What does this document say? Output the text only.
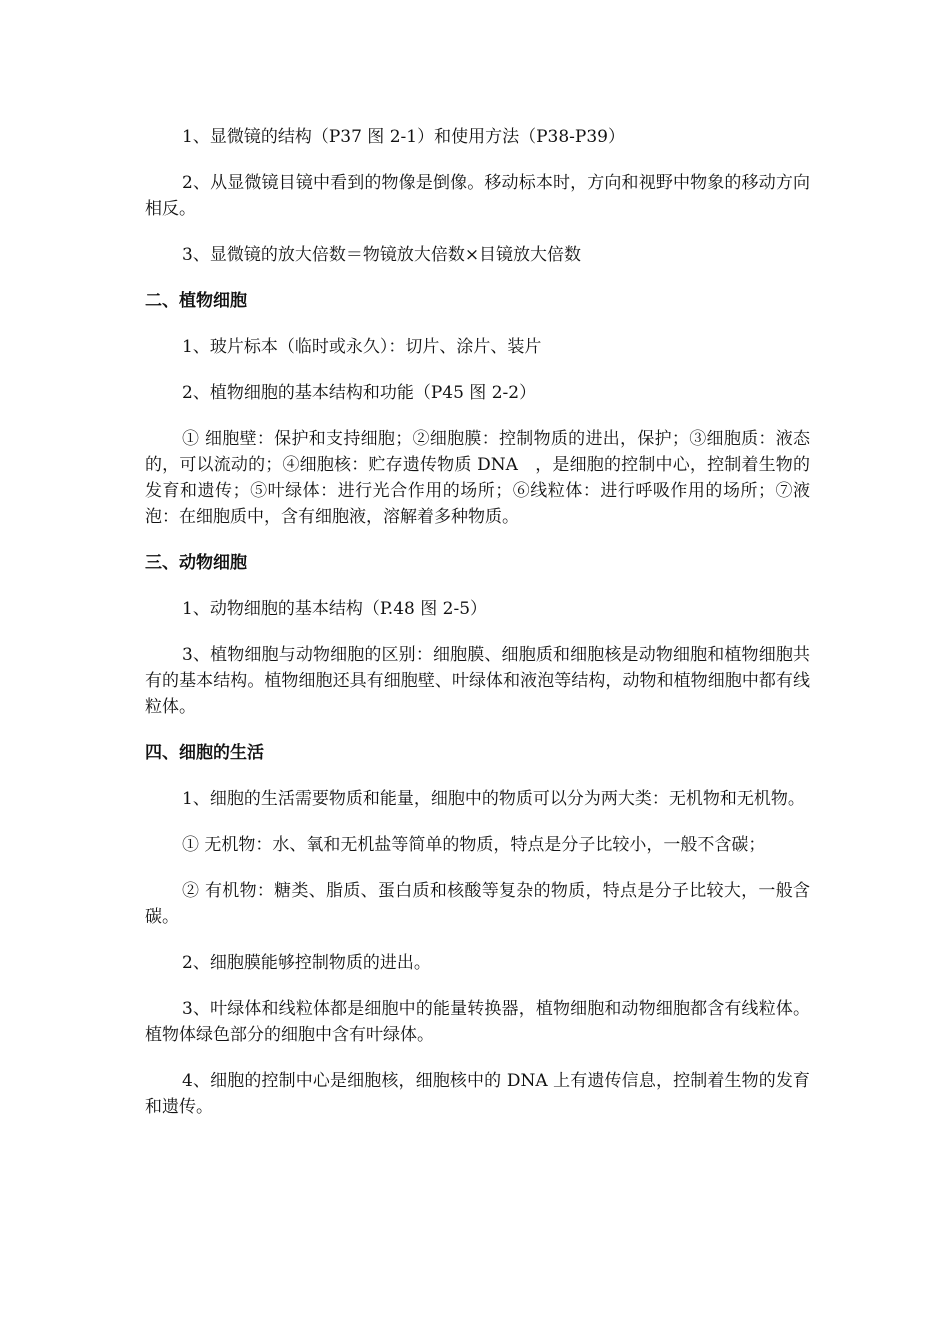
1、显微镜的结构（P37 图 2-1）和使用方法（P38-P39）

2、从显微镜目镜中看到的物像是倒像。移动标本时，方向和视野中物象的移动方向相反。

3、显微镜的放大倍数＝物镜放大倍数×目镜放大倍数

二、植物细胞

1、玻片标本（临时或永久）：切片、涂片、装片

2、植物细胞的基本结构和功能（P45 图 2-2）

① 细胞壁：保护和支持细胞；②细胞膜：控制物质的进出，保护；③细胞质：液态的，可以流动的；④细胞核：贮存遗传物质 DNA　，是细胞的控制中心，控制着生物的发育和遗传；⑤叶绿体：进行光合作用的场所；⑥线粒体：进行呼吸作用的场所；⑦液泡：在细胞质中，含有细胞液，溶解着多种物质。

三、动物细胞

1、动物细胞的基本结构（P.48 图 2-5）

3、植物细胞与动物细胞的区别：细胞膜、细胞质和细胞核是动物细胞和植物细胞共有的基本结构。植物细胞还具有细胞壁、叶绿体和液泡等结构，动物和植物细胞中都有线粒体。

四、细胞的生活

1、细胞的生活需要物质和能量，细胞中的物质可以分为两大类：无机物和无机物。

① 无机物：水、氧和无机盐等简单的物质，特点是分子比较小，一般不含碳；

② 有机物：糖类、脂质、蛋白质和核酸等复杂的物质，特点是分子比较大，一般含碳。

2、细胞膜能够控制物质的进出。

3、叶绿体和线粒体都是细胞中的能量转换器，植物细胞和动物细胞都含有线粒体。植物体绿色部分的细胞中含有叶绿体。

4、细胞的控制中心是细胞核，细胞核中的 DNA 上有遗传信息，控制着生物的发育和遗传。
